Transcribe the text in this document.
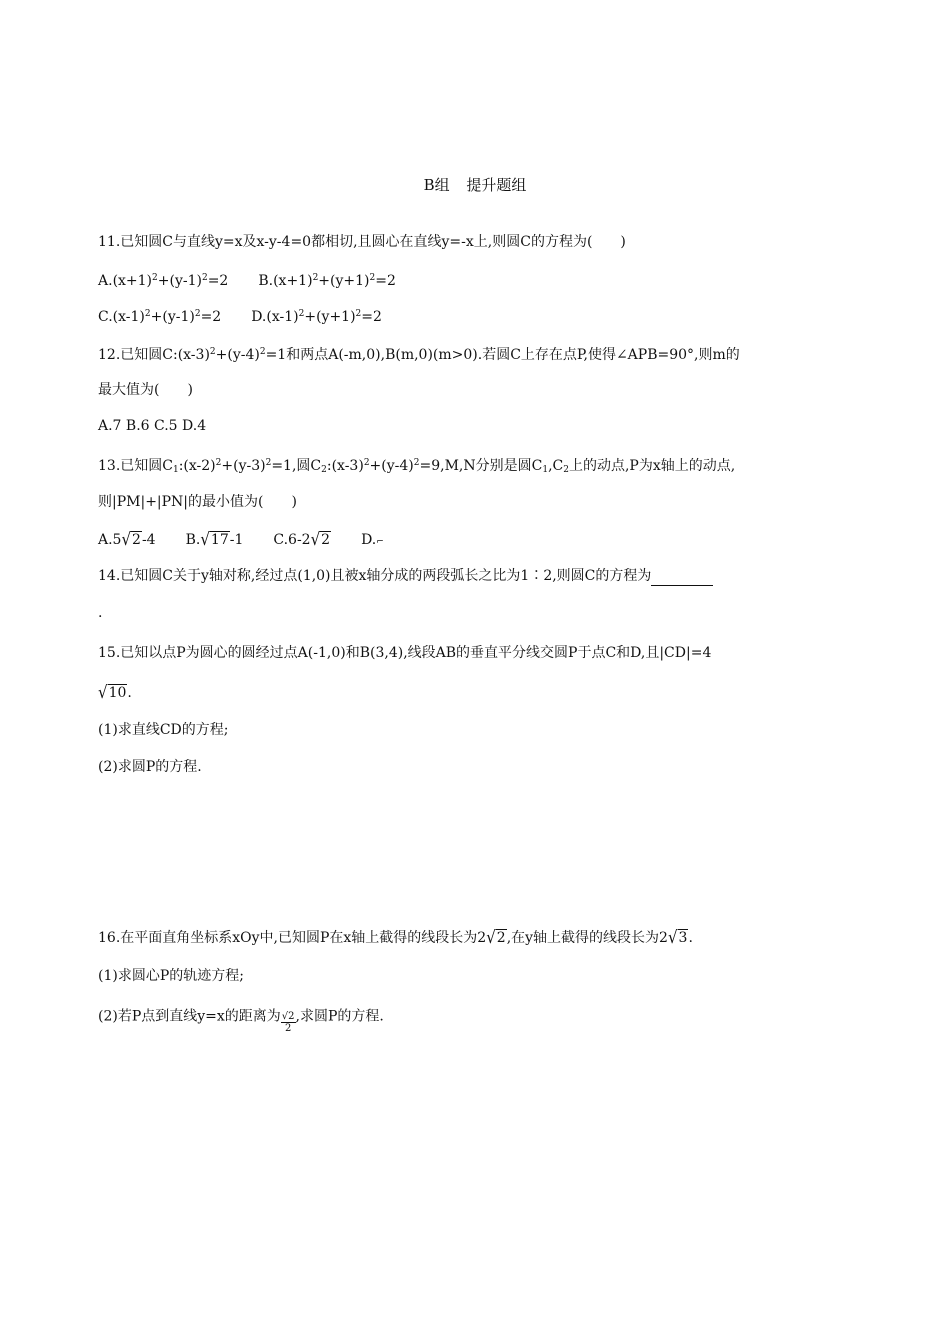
B组 提升题组
11.已知圆C与直线y=x及x-y-4=0都相切,且圆心在直线y=-x上,则圆C的方程为(　　)
$A.(x+1)^2+(y-1)^2=2$ $B.(x+1)^2+(y+1)^2=2$
$C.(x-1)^2+(y-1)^2=2$ $D.(x-1)^2+(y+1)^2=2$
12.已知圆$C:(x-3)^2+(y-4)^2=1$和两点A(-m,0),B(m,0)(m>0).若圆C上存在点P,使得∠APB=90°,则m的
最大值为(　　)
A.7 B.6 C.5 D.4
13.已知圆$C_1:(x-2)^2+(y-3)^2=1$,圆$C_2:(x-3)^2+(y-4)^2=9,M,N$分别是圆$C_1,C_2$上的动点,P为x轴上的动点,
则|PM|+|PN|的最小值为(　　)
A.5√2-4 B.√17-1 C.6-2√2 D.⌐
14.已知圆C关于y轴对称,经过点(1,0)且被x轴分成的两段弧长之比为1∶2,则圆C的方程为
.
15.已知以点P为圆心的圆经过点A(-1,0)和B(3,4),线段AB的垂直平分线交圆P于点C和D,且|CD|=4
√10.
(1)求直线CD的方程;
(2)求圆P的方程.
16.在平面直角坐标系xOy中,已知圆P在x轴上截得的线段长为2√2,在y轴上截得的线段长为2√3.
(1)求圆心P的轨迹方程;
(2)若P点到直线y=x的距离为 $\frac{√2}{2}$ ,求圆P的方程.
